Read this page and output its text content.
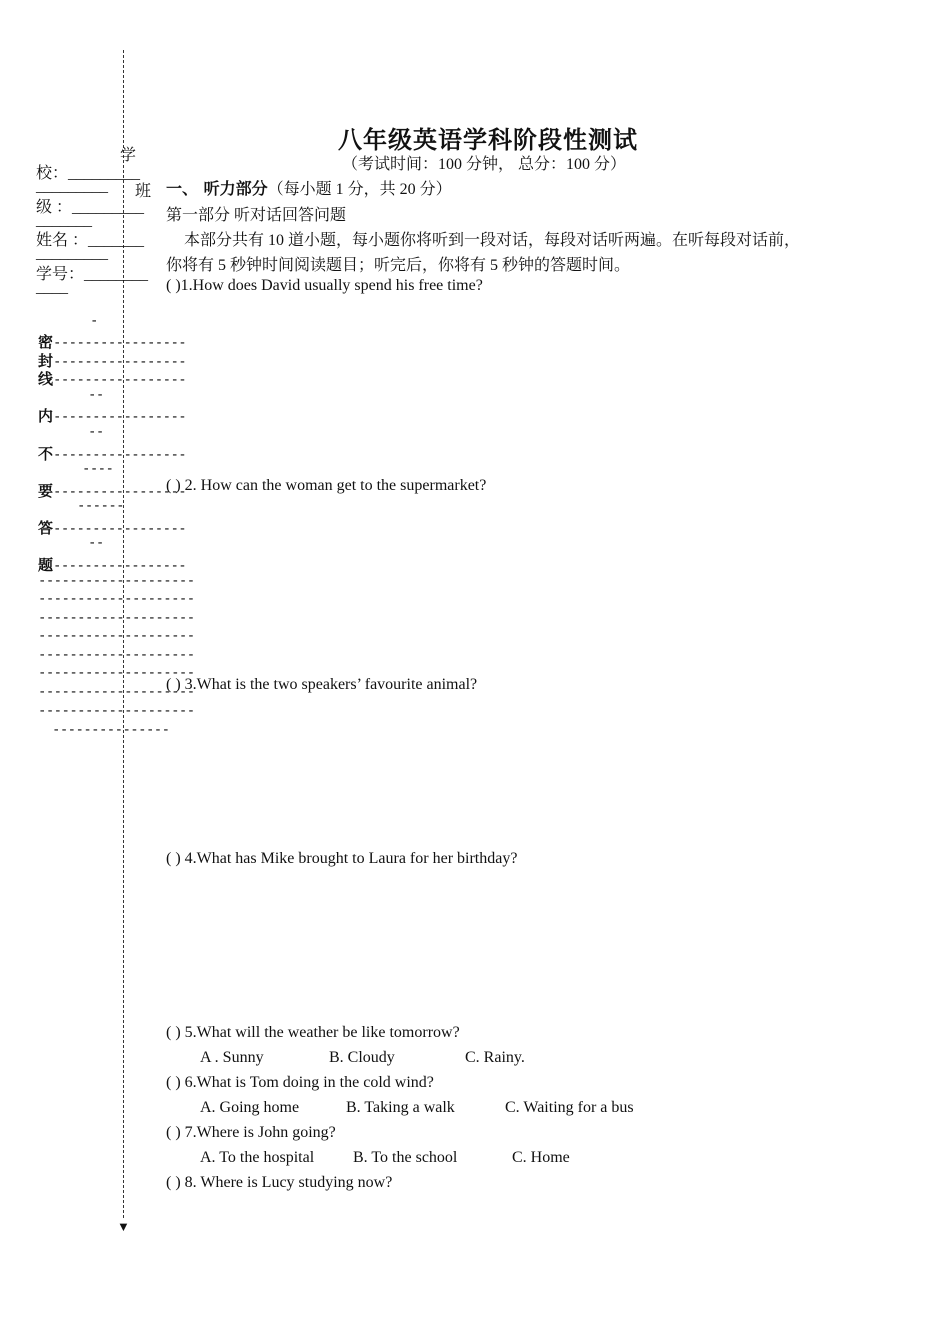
▼
学
校：_________
_________ 班
级 ：_________
_______
姓名 ：_______
_________
学号：________
____
-
密-----------------
封-----------------
线-----------------
--
内-----------------
--
不-----------------
----
要-----------------
------
答-----------------
--
题-----------------
--------------------
--------------------
--------------------
--------------------
--------------------
--------------------
--------------------
--------------------
---------------
八年级英语学科阶段性测试
（考试时间：100 分钟， 总分：100 分）
一、 听力部分（每小题 1 分，共 20 分）
第一部分 听对话回答问题
本部分共有 10 道小题，每小题你将听到一段对话，每段对话听两遍。在听每段对话前，
你将有 5 秒钟时间阅读题目；听完后，你将有 5 秒钟的答题时间。
( )1.How does David usually spend his free time?
( ) 2. How can the woman get to the supermarket?
( ) 3.What is the two speakers’ favourite animal?
( ) 4.What has Mike brought to Laura for her birthday?
( ) 5.What will the weather be like tomorrow?
A . Sunny	B. Cloudy	C. Rainy.
( ) 6.What is Tom doing in the cold wind?
A. Going home	B. Taking a walk	C. Waiting for a bus
( ) 7.Where is John going?
A. To the hospital B. To the school	C. Home
( ) 8. Where is Lucy studying now?
